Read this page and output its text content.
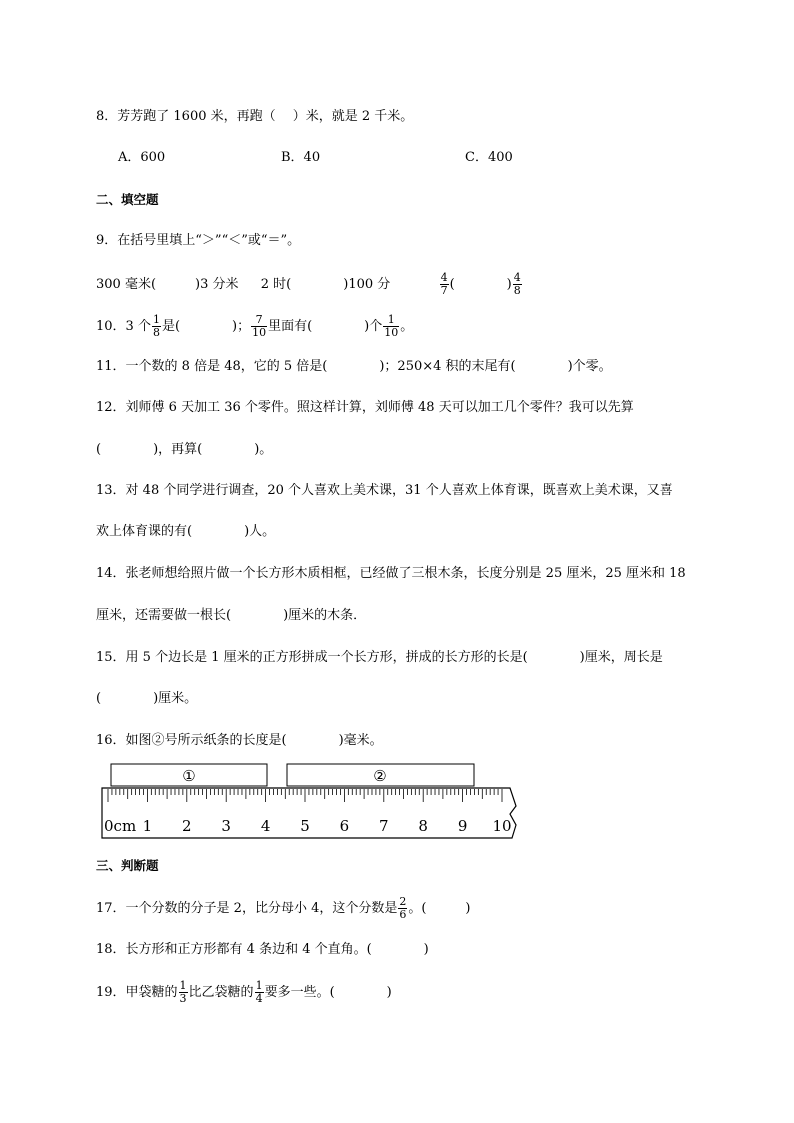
8．芳芳跑了 1600 米，再跑（　 ）米，就是 2 千米。
A．600	B．40	C．400
二、填空题
9．在括号里填上“＞”“＜”或“＝”。
300 毫米(　　　)3 分米 2 时(　　　　)100 分	$\frac{4}{7}$ (　　　　) $\frac{4}{8}$
10．3 个 $\frac{1}{8}$ 是(　　　　)； $\frac{7}{10}$ 里面有(　　　　)个 $\frac{1}{10}$ 。
11．一个数的 8 倍是 48，它的 5 倍是(　　　　)；250×4 积的末尾有(　　　　)个零。
12．刘师傅 6 天加工 36 个零件。照这样计算，刘师傅 48 天可以加工几个零件？我可以先算
(　　　　)，再算(　　　　)。
13．对 48 个同学进行调查，20 个人喜欢上美术课，31 个人喜欢上体育课，既喜欢上美术课，又喜
欢上体育课的有(　　　　)人。
14．张老师想给照片做一个长方形木质相框，已经做了三根木条，长度分别是 25 厘米，25 厘米和 18
厘米，还需要做一根长(　　　　)厘米的木条．
15．用 5 个边长是 1 厘米的正方形拼成一个长方形，拼成的长方形的长是(　　　　)厘米，周长是
(　　　　)厘米。
16．如图②号所示纸条的长度是(　　　　)毫米。
①	②
0cm 1 2 3 4 5 6 7 8 9 10
三、判断题
17．一个分数的分子是 2，比分母小 4，这个分数是 $\frac{2}{6}$ 。(　　　)
18．长方形和正方形都有 4 条边和 4 个直角。(　　　　)
19．甲袋糖的 $\frac{1}{3}$ 比乙袋糖的 $\frac{1}{4}$ 要多一些。(　　　　)
